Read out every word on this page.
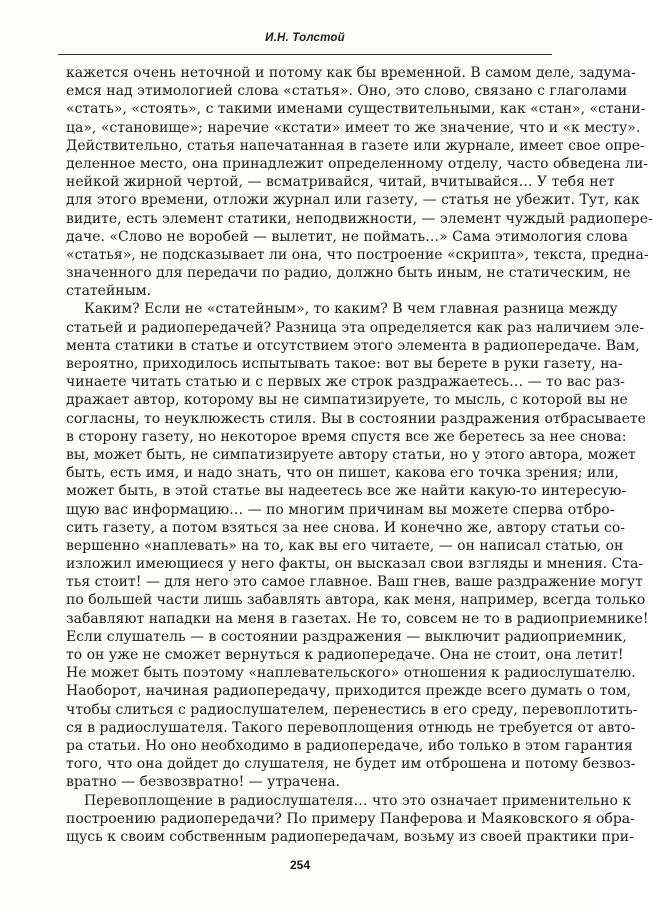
И.Н. Толстой
кажется очень неточной и потому как бы временной. В самом деле, задума-
емся над этимологией слова «статья». Оно, это слово, связано с глаголами
«стать», «стоять», с такими именами существительными, как «стан», «стани-
ца», «становище»; наречие «кстати» имеет то же значение, что и «к месту».
Действительно, статья напечатанная в газете или журнале, имеет свое опре-
деленное место, она принадлежит определенному отделу, часто обведена ли-
нейкой жирной чертой, — всматривайся, читай, вчитывайся… У тебя нет
для этого времени, отложи журнал или газету, — статья не убежит. Тут, как
видите, есть элемент статики, неподвижности, — элемент чуждый радиопере-
даче. «Слово не воробей — вылетит, не поймать…» Сама этимология слова
«статья», не подсказывает ли она, что построение «скрипта», текста, предна-
значенного для передачи по радио, должно быть иным, не статическим, не
статейным.
Каким? Если не «статейным», то каким? В чем главная разница между
статьей и радиопередачей? Разница эта определяется как раз наличием эле-
мента статики в статье и отсутствием этого элемента в радиопередаче. Вам,
вероятно, приходилось испытывать такое: вот вы берете в руки газету, на-
чинаете читать статью и с первых же строк раздражаетесь… — то вас раз-
дражает автор, которому вы не симпатизируете, то мысль, с которой вы не
согласны, то неуклюжесть стиля. Вы в состоянии раздражения отбрасываете
в сторону газету, но некоторое время спустя все же беретесь за нее снова:
вы, может быть, не симпатизируете автору статьи, но у этого автора, может
быть, есть имя, и надо знать, что он пишет, какова его точка зрения; или,
может быть, в этой статье вы надеетесь все же найти какую-то интересую-
щую вас информацию… — по многим причинам вы можете сперва отбро-
сить газету, а потом взяться за нее снова. И конечно же, автору статьи со-
вершенно «наплевать» на то, как вы его читаете, — он написал статью, он
изложил имеющиеся у него факты, он высказал свои взгляды и мнения. Ста-
тья стоит! — для него это самое главное. Ваш гнев, ваше раздражение могут
по большей части лишь забавлять автора, как меня, например, всегда только
забавляют нападки на меня в газетах. Не то, совсем не то в радиоприемнике!
Если слушатель — в состоянии раздражения — выключит радиоприемник,
то он уже не сможет вернуться к радиопередаче. Она не стоит, она летит!
Не может быть поэтому «наплевательского» отношения к радиослушателю.
Наоборот, начиная радиопередачу, приходится прежде всего думать о том,
чтобы слиться с радиослушателем, перенестись в его среду, перевоплотить-
ся в радиослушателя. Такого перевоплощения отнюдь не требуется от авто-
ра статьи. Но оно необходимо в радиопередаче, ибо только в этом гарантия
того, что она дойдет до слушателя, не будет им отброшена и потому безвоз-
вратно — безвозвратно! — утрачена.
Перевоплощение в радиослушателя… что это означает применительно к
построению радиопередачи? По примеру Панферова и Маяковского я обра-
щусь к своим собственным радиопередачам, возьму из своей практики при-
254
